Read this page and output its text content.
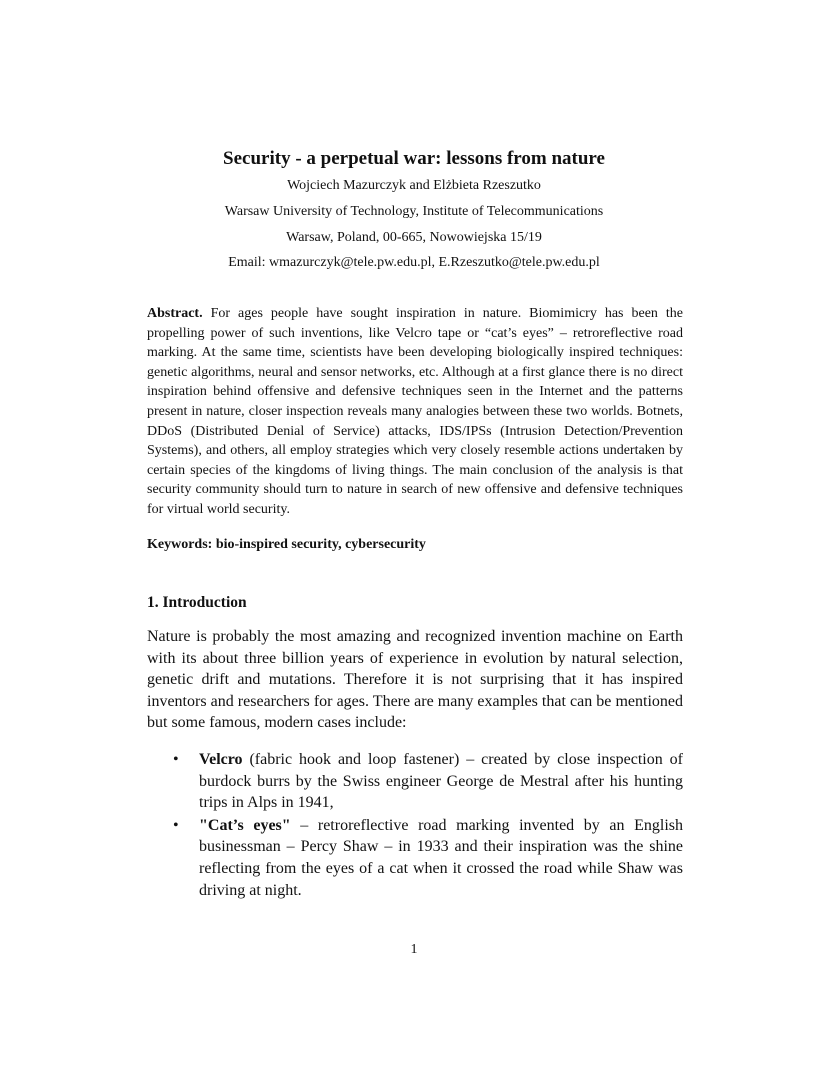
Security - a perpetual war: lessons from nature
Wojciech Mazurczyk and Elżbieta Rzeszutko
Warsaw University of Technology, Institute of Telecommunications
Warsaw, Poland, 00-665, Nowowiejska 15/19
Email: wmazurczyk@tele.pw.edu.pl, E.Rzeszutko@tele.pw.edu.pl
Abstract. For ages people have sought inspiration in nature. Biomimicry has been the propelling power of such inventions, like Velcro tape or “cat’s eyes” – retroreflective road marking. At the same time, scientists have been developing biologically inspired techniques: genetic algorithms, neural and sensor networks, etc. Although at a first glance there is no direct inspiration behind offensive and defensive techniques seen in the Internet and the patterns present in nature, closer inspection reveals many analogies between these two worlds. Botnets, DDoS (Distributed Denial of Service) attacks, IDS/IPSs (Intrusion Detection/Prevention Systems), and others, all employ strategies which very closely resemble actions undertaken by certain species of the kingdoms of living things. The main conclusion of the analysis is that security community should turn to nature in search of new offensive and defensive techniques for virtual world security.
Keywords: bio-inspired security, cybersecurity
1. Introduction
Nature is probably the most amazing and recognized invention machine on Earth with its about three billion years of experience in evolution by natural selection, genetic drift and mutations. Therefore it is not surprising that it has inspired inventors and researchers for ages. There are many examples that can be mentioned but some famous, modern cases include:
• Velcro (fabric hook and loop fastener) – created by close inspection of burdock burrs by the Swiss engineer George de Mestral after his hunting trips in Alps in 1941,
• "Cat’s eyes" – retroreflective road marking invented by an English businessman – Percy Shaw – in 1933 and their inspiration was the shine reflecting from the eyes of a cat when it crossed the road while Shaw was driving at night.
1
